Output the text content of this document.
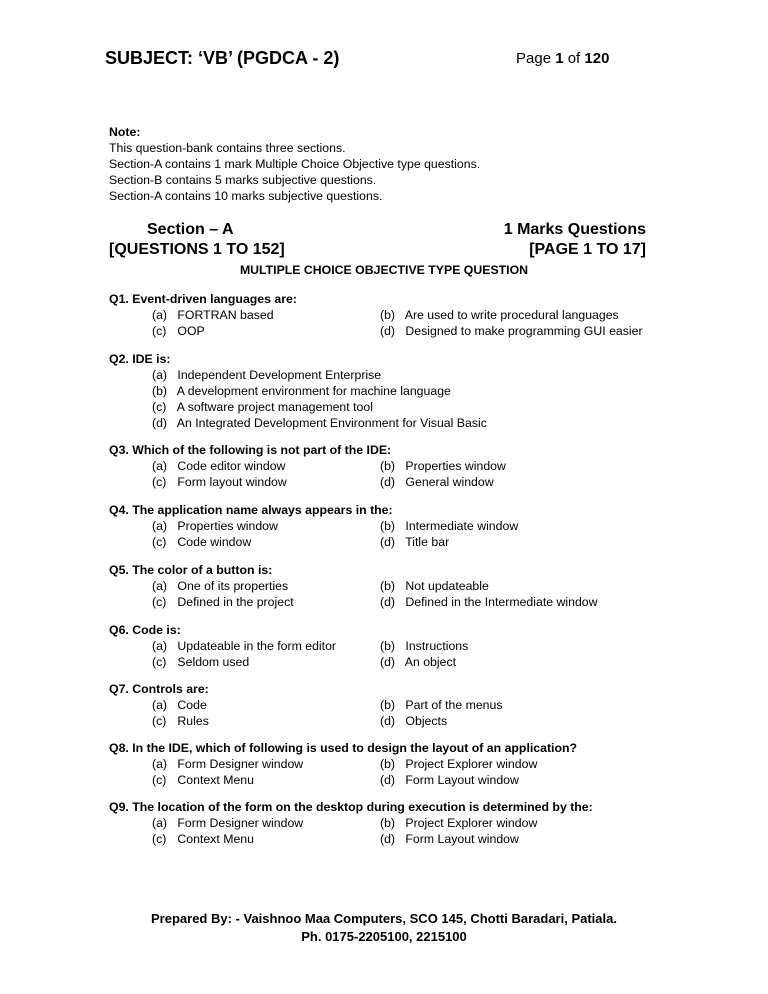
SUBJECT: ‘VB’ (PGDCA - 2)	Page 1 of 120
Note:
This question-bank contains three sections.
Section-A contains 1 mark Multiple Choice Objective type questions.
Section-B contains 5 marks subjective questions.
Section-A contains 10 marks subjective questions.
Section – A
[QUESTIONS 1 TO 152]
1 Marks Questions
[PAGE 1 TO 17]
MULTIPLE CHOICE OBJECTIVE TYPE QUESTION
Q1. Event-driven languages are:
(a) FORTRAN based	(b) Are used to write procedural languages
(c) OOP	(d) Designed to make programming GUI easier
Q2. IDE is:
(a) Independent Development Enterprise
(b) A development environment for machine language
(c) A software project management tool
(d) An Integrated Development Environment for Visual Basic
Q3. Which of the following is not part of the IDE:
(a) Code editor window	(b) Properties window
(c) Form layout window	(d) General window
Q4. The application name always appears in the:
(a) Properties window	(b) Intermediate window
(c) Code window	(d) Title bar
Q5. The color of a button is:
(a) One of its properties	(b) Not updateable
(c) Defined in the project	(d) Defined in the Intermediate window
Q6. Code is:
(a) Updateable in the form editor	(b) Instructions
(c) Seldom used	(d) An object
Q7. Controls are:
(a) Code	(b) Part of the menus
(c) Rules	(d) Objects
Q8. In the IDE, which of following is used to design the layout of an application?
(a) Form Designer window	(b) Project Explorer window
(c) Context Menu	(d) Form Layout window
Q9. The location of the form on the desktop during execution is determined by the:
(a) Form Designer window	(b) Project Explorer window
(c) Context Menu	(d) Form Layout window
Prepared By: - Vaishnoo Maa Computers, SCO 145, Chotti Baradari, Patiala.
Ph. 0175-2205100, 2215100
